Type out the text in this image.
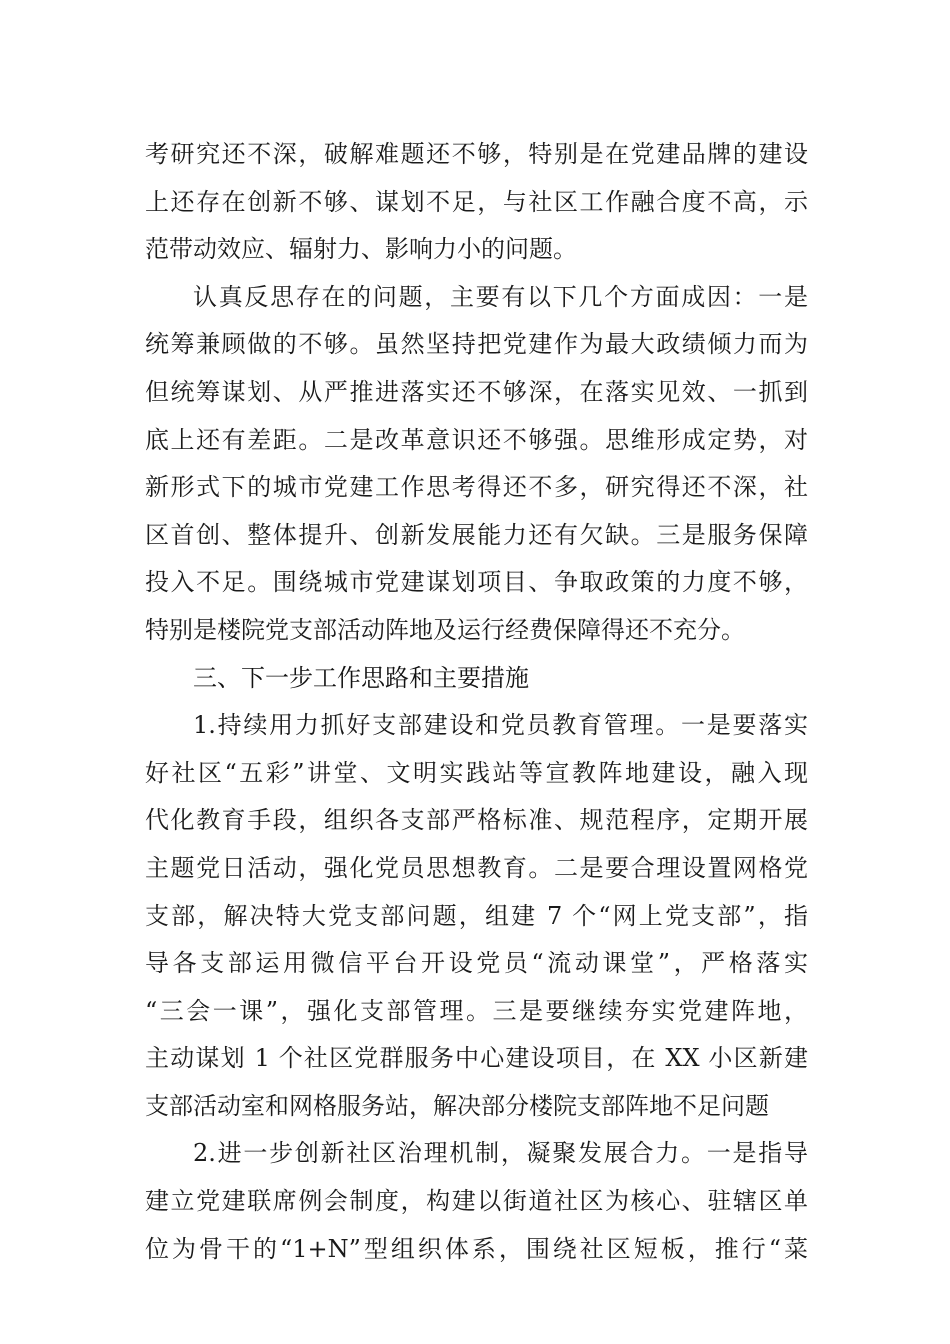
考研究还不深，破解难题还不够，特别是在党建品牌的建设
上还存在创新不够、谋划不足，与社区工作融合度不高，示
范带动效应、辐射力、影响力小的问题。
认真反思存在的问题，主要有以下几个方面成因：一是
统筹兼顾做的不够。虽然坚持把党建作为最大政绩倾力而为
但统筹谋划、从严推进落实还不够深，在落实见效、一抓到
底上还有差距。二是改革意识还不够强。思维形成定势，对
新形式下的城市党建工作思考得还不多，研究得还不深，社
区首创、整体提升、创新发展能力还有欠缺。三是服务保障
投入不足。围绕城市党建谋划项目、争取政策的力度不够，
特别是楼院党支部活动阵地及运行经费保障得还不充分。
三、下一步工作思路和主要措施
1.持续用力抓好支部建设和党员教育管理。一是要落实
好社区“五彩”讲堂、文明实践站等宣教阵地建设，融入现
代化教育手段，组织各支部严格标准、规范程序，定期开展
主题党日活动，强化党员思想教育。二是要合理设置网格党
支部，解决特大党支部问题，组建 7 个“网上党支部”，指
导各支部运用微信平台开设党员“流动课堂”，严格落实
“三会一课”，强化支部管理。三是要继续夯实党建阵地，
主动谋划 1 个社区党群服务中心建设项目，在 XX 小区新建
支部活动室和网格服务站，解决部分楼院支部阵地不足问题
2.进一步创新社区治理机制，凝聚发展合力。一是指导
建立党建联席例会制度，构建以街道社区为核心、驻辖区单
位为骨干的“1+N”型组织体系，围绕社区短板，推行“菜
